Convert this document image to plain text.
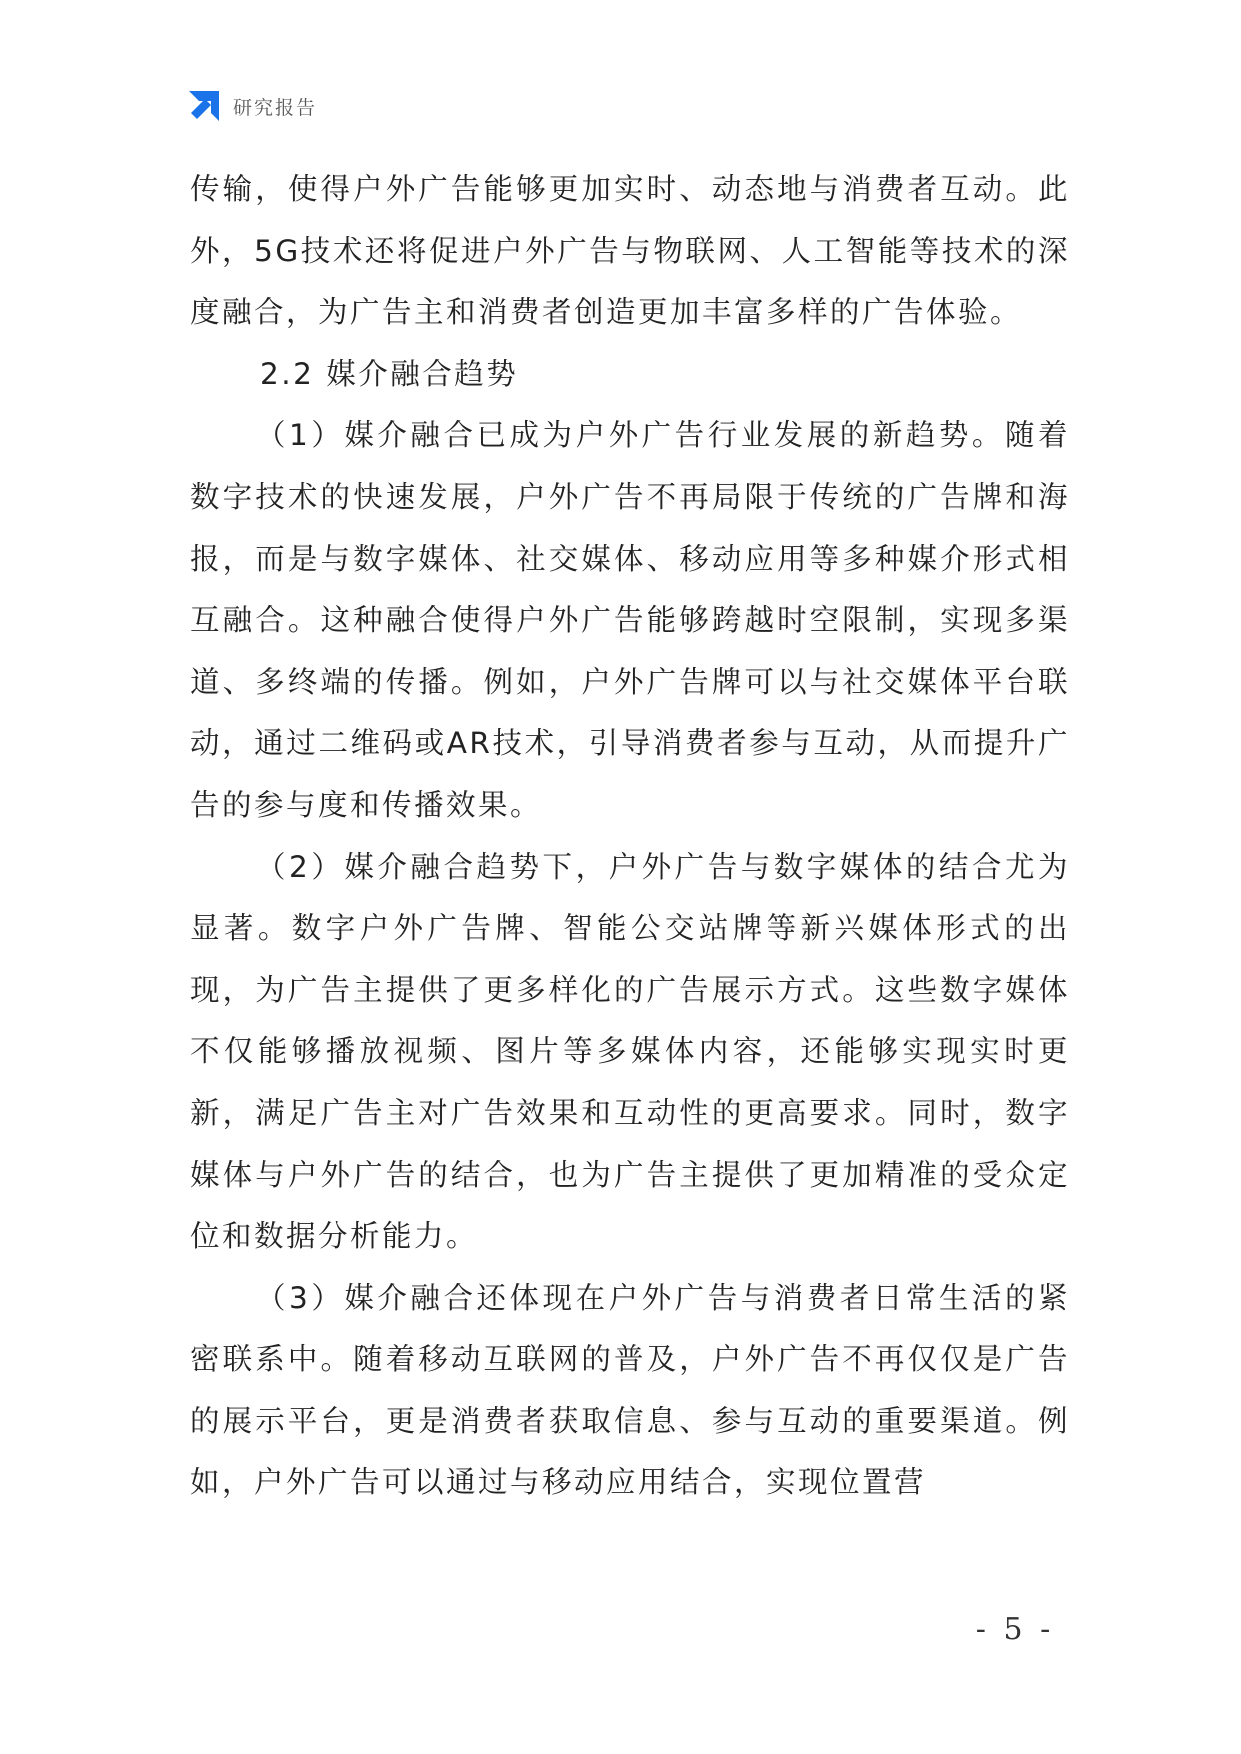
研究报告

传输，使得户外广告能够更加实时、动态地与消费者互动。此外，5G技术还将促进户外广告与物联网、人工智能等技术的深度融合，为广告主和消费者创造更加丰富多样的广告体验。

2.2 媒介融合趋势

（1）媒介融合已成为户外广告行业发展的新趋势。随着数字技术的快速发展，户外广告不再局限于传统的广告牌和海报，而是与数字媒体、社交媒体、移动应用等多种媒介形式相互融合。这种融合使得户外广告能够跨越时空限制，实现多渠道、多终端的传播。例如，户外广告牌可以与社交媒体平台联动，通过二维码或AR技术，引导消费者参与互动，从而提升广告的参与度和传播效果。

（2）媒介融合趋势下，户外广告与数字媒体的结合尤为显著。数字户外广告牌、智能公交站牌等新兴媒体形式的出现，为广告主提供了更多样化的广告展示方式。这些数字媒体不仅能够播放视频、图片等多媒体内容，还能够实现实时更新，满足广告主对广告效果和互动性的更高要求。同时，数字媒体与户外广告的结合，也为广告主提供了更加精准的受众定位和数据分析能力。

（3）媒介融合还体现在户外广告与消费者日常生活的紧密联系中。随着移动互联网的普及，户外广告不再仅仅是广告的展示平台，更是消费者获取信息、参与互动的重要渠道。例如，户外广告可以通过与移动应用结合，实现位置营

- 5 -
